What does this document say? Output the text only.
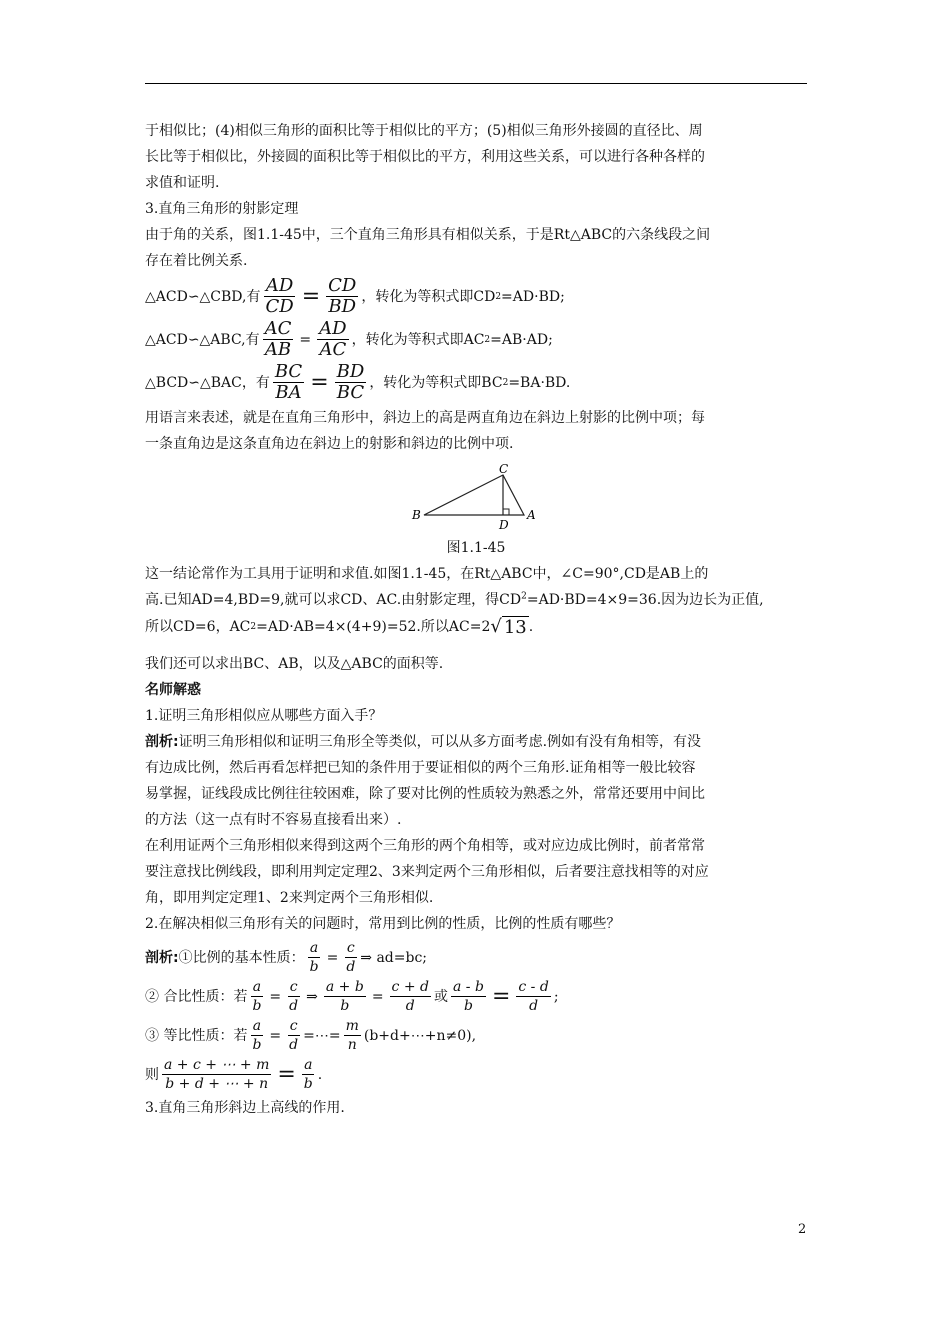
于相似比；(4)相似三角形的面积比等于相似比的平方；(5)相似三角形外接圆的直径比、周

长比等于相似比，外接圆的面积比等于相似比的平方，利用这些关系，可以进行各种各样的

求值和证明.

3.直角三角形的射影定理

由于角的关系，图1.1-45中，三个直角三角形具有相似关系，于是Rt△ABC的六条线段之间

存在着比例关系.

△ACD∽△CBD,有 $\frac{AD}{CD} = \frac{CD}{BD}$ ，转化为等积式即CD 2 =AD·BD;
△ACD∽△ABC,有 $\frac{AC}{AB} = \frac{AD}{AC}$ ，转化为等积式即AC 2 =AB·AD;
△BCD∽△BAC，有 $\frac{BC}{BA} = \frac{BD}{BC}$ ，转化为等积式即BC 2 =BA·BD.

用语言来表述，就是在直角三角形中，斜边上的高是两直角边在斜边上射影的比例中项；每

一条直角边是这条直角边在斜边上的射影和斜边的比例中项.

C
B
D
A

图1.1-45

这一结论常作为工具用于证明和求值.如图1.1-45，在Rt△ABC中，∠C=90°,CD是AB上的

高.已知AD=4,BD=9,就可以求CD、AC.由射影定理，得$CD^2=AD\cdot BD=4\times 9=36$.因为边长为正值,

所以CD=6，AC 2 =AD·AB=4×(4+9)=52.所以AC=2 √ 13 .

我们还可以求出BC、AB，以及△ABC的面积等.

名师解惑

1.证明三角形相似应从哪些方面入手？

剖析:证明三角形相似和证明三角形全等类似，可以从多方面考虑.例如有没有角相等，有没

有边成比例，然后再看怎样把已知的条件用于要证相似的两个三角形.证角相等一般比较容

易掌握，证线段成比例往往较困难，除了要对比例的性质较为熟悉之外，常常还要用中间比

的方法（这一点有时不容易直接看出来）.

在利用证两个三角形相似来得到这两个三角形的两个角相等，或对应边成比例时，前者常常

要注意找比例线段，即利用判定定理2、3来判定两个三角形相似，后者要注意找相等的对应

角，即用判定定理1、2来判定两个三角形相似.

2.在解决相似三角形有关的问题时，常用到比例的性质，比例的性质有哪些？

剖析: ①比例的基本性质： $\frac{a}{b} = \frac{c}{d}$ ⇒ ad=bc;
② 合比性质：若 $\frac{a}{b} = \frac{c}{d}$ ⇒ $\frac{a + b}{b} = \frac{c + d}{d}$ 或 $\frac{a - b}{b} = \frac{c - d}{d}$ ;
③ 等比性质：若 $\frac{a}{b} = \frac{c}{d}$ =⋯= $\frac{m}{n}$ (b+d+⋯+n≠0),
则 $\frac{a + c + \cdots + m}{b + d + \cdots + n} = \frac{a}{b}$ .

3.直角三角形斜边上高线的作用.

2
